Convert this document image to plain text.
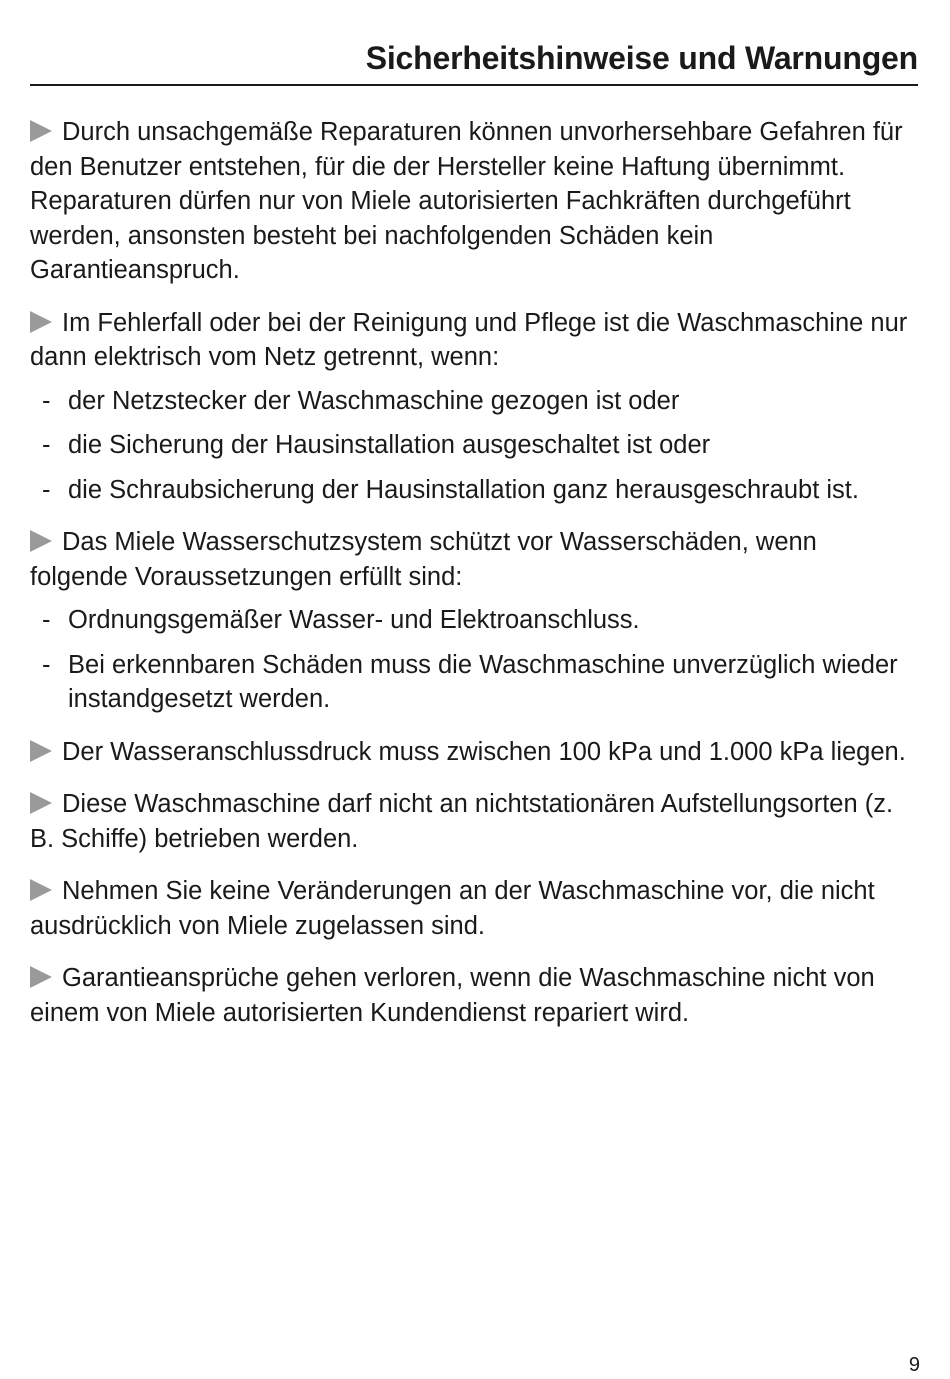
Sicherheitshinweise und Warnungen

Durch unsachgemäße Reparaturen können unvorhersehbare Gefahren für den Benutzer entstehen, für die der Hersteller keine Haftung übernimmt. Reparaturen dürfen nur von Miele autorisierten Fachkräften durchgeführt werden, ansonsten besteht bei nachfolgenden Schäden kein Garantieanspruch.

Im Fehlerfall oder bei der Reinigung und Pflege ist die Waschmaschine nur dann elektrisch vom Netz getrennt, wenn:

- der Netzstecker der Waschmaschine gezogen ist oder
- die Sicherung der Hausinstallation ausgeschaltet ist oder
- die Schraubsicherung der Hausinstallation ganz herausgeschraubt ist.

Das Miele Wasserschutzsystem schützt vor Wasserschäden, wenn folgende Voraussetzungen erfüllt sind:

- Ordnungsgemäßer Wasser- und Elektroanschluss.
- Bei erkennbaren Schäden muss die Waschmaschine unverzüglich wieder instandgesetzt werden.

Der Wasseranschlussdruck muss zwischen 100 kPa und 1.000 kPa liegen.

Diese Waschmaschine darf nicht an nichtstationären Aufstellungsorten (z. B. Schiffe) betrieben werden.

Nehmen Sie keine Veränderungen an der Waschmaschine vor, die nicht ausdrücklich von Miele zugelassen sind.

Garantieansprüche gehen verloren, wenn die Waschmaschine nicht von einem von Miele autorisierten Kundendienst repariert wird.

9
